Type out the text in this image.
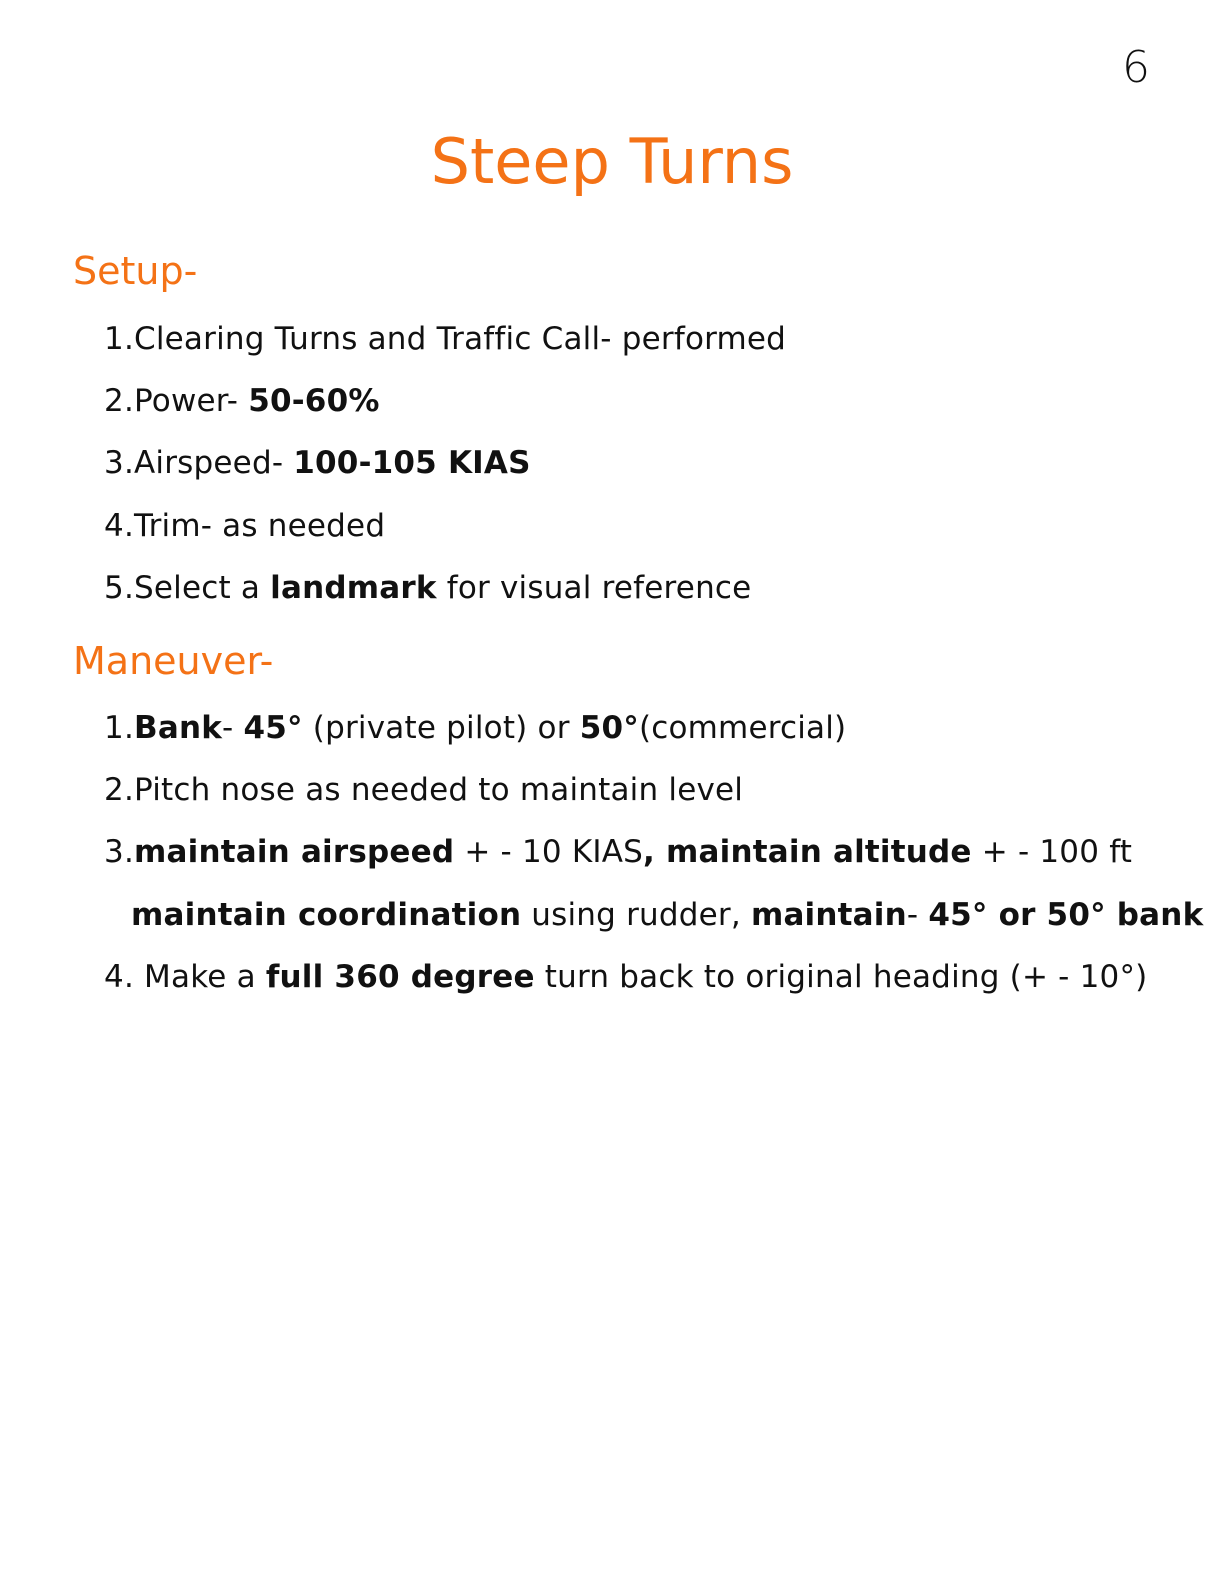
6
Steep Turns
Setup-
1.Clearing Turns and Traffic Call- performed
2.Power- 50-60%
3.Airspeed- 100-105 KIAS
4.Trim- as needed
5.Select a landmark for visual reference
Maneuver-
1.Bank- 45° (private pilot) or 50°(commercial)
2.Pitch nose as needed to maintain level
3.maintain airspeed + - 10 KIAS, maintain altitude + - 100 ft
maintain coordination using rudder, maintain- 45° or 50° bank
4. Make a full 360 degree turn back to original heading (+ - 10°)
